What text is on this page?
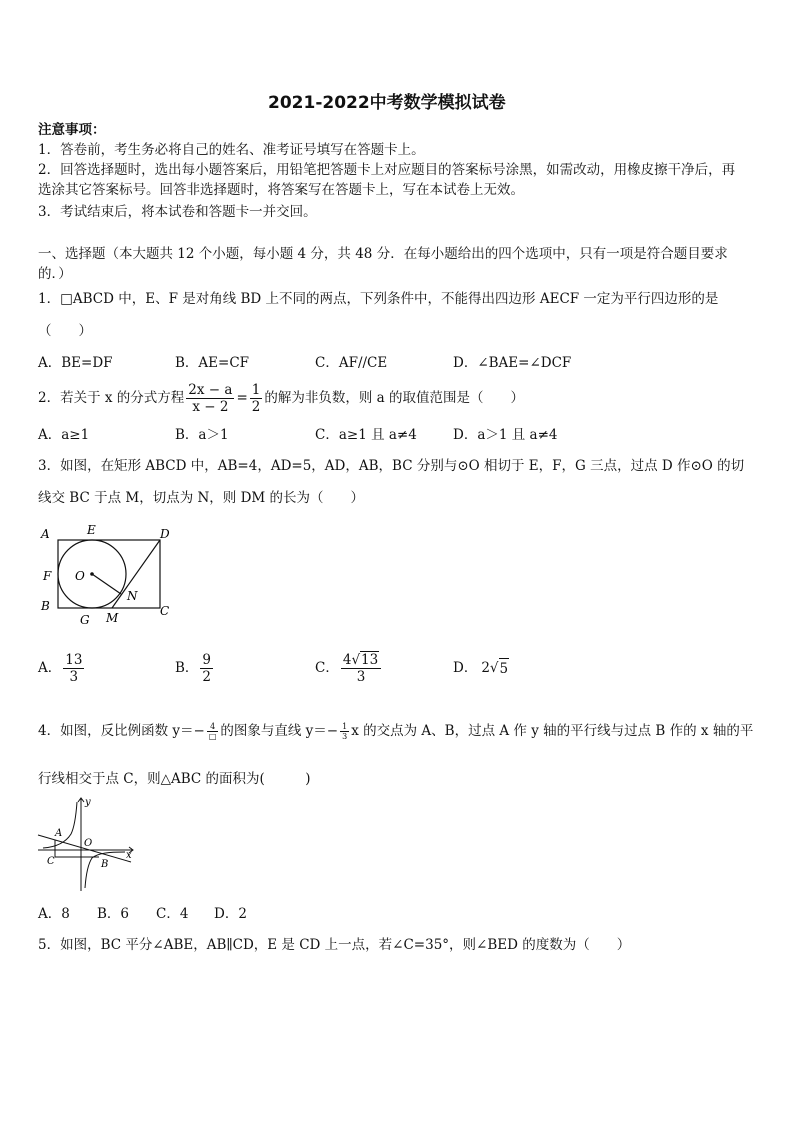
2021-2022中考数学模拟试卷
注意事项：
1．答卷前，考生务必将自己的姓名、准考证号填写在答题卡上。
2．回答选择题时，选出每小题答案后，用铅笔把答题卡上对应题目的答案标号涂黑，如需改动，用橡皮擦干净后，再
选涂其它答案标号。回答非选择题时，将答案写在答题卡上，写在本试卷上无效。
3．考试结束后，将本试卷和答题卡一并交回。
一、选择题（本大题共 12 个小题，每小题 4 分，共 48 分．在每小题给出的四个选项中，只有一项是符合题目要求
的．）
1．□ABCD 中，E、F 是对角线 BD 上不同的两点，下列条件中，不能得出四边形 AECF 一定为平行四边形的是
（　　）
A．BE=DF	B．AE=CF	C．AF//CE	D．∠BAE=∠DCF
2．若关于 x 的分式方程 $\frac{2x - a}{x - 2} = \frac{1}{2}$ 的解为非负数，则 a 的取值范围是（　　）
A．a≥1	B．a＞1	C．a≥1 且 a≠4	D．a＞1 且 a≠4
3．如图，在矩形 ABCD 中，AB=4，AD=5，AD，AB，BC 分别与⊙O 相切于 E，F，G 三点，过点 D 作⊙O 的切
线交 BC 于点 M，切点为 N，则 DM 的长为（　　）
A	E	D
F O
N
B	C
G M
A． $\frac{13}{3}$	B． $\frac{9}{2}$	C． $\frac{4√13}{3}$	D． 2 √ 5
4．如图，反比例函数 $y=- \frac{4}{□}$ 的图象与直线 $y=- \frac{1}{3}$ x 的交点为 A、B，过点 A 作 y 轴的平行线与过点 B 作的 x 轴的平
行线相交于点 C，则△ABC 的面积为(　　　)
A
y
O
C	B
x
A．8 B．6 C．4 D．2
5．如图，BC 平分∠ABE，AB∥CD，E 是 CD 上一点，若∠C=35°，则∠BED 的度数为（　　）
